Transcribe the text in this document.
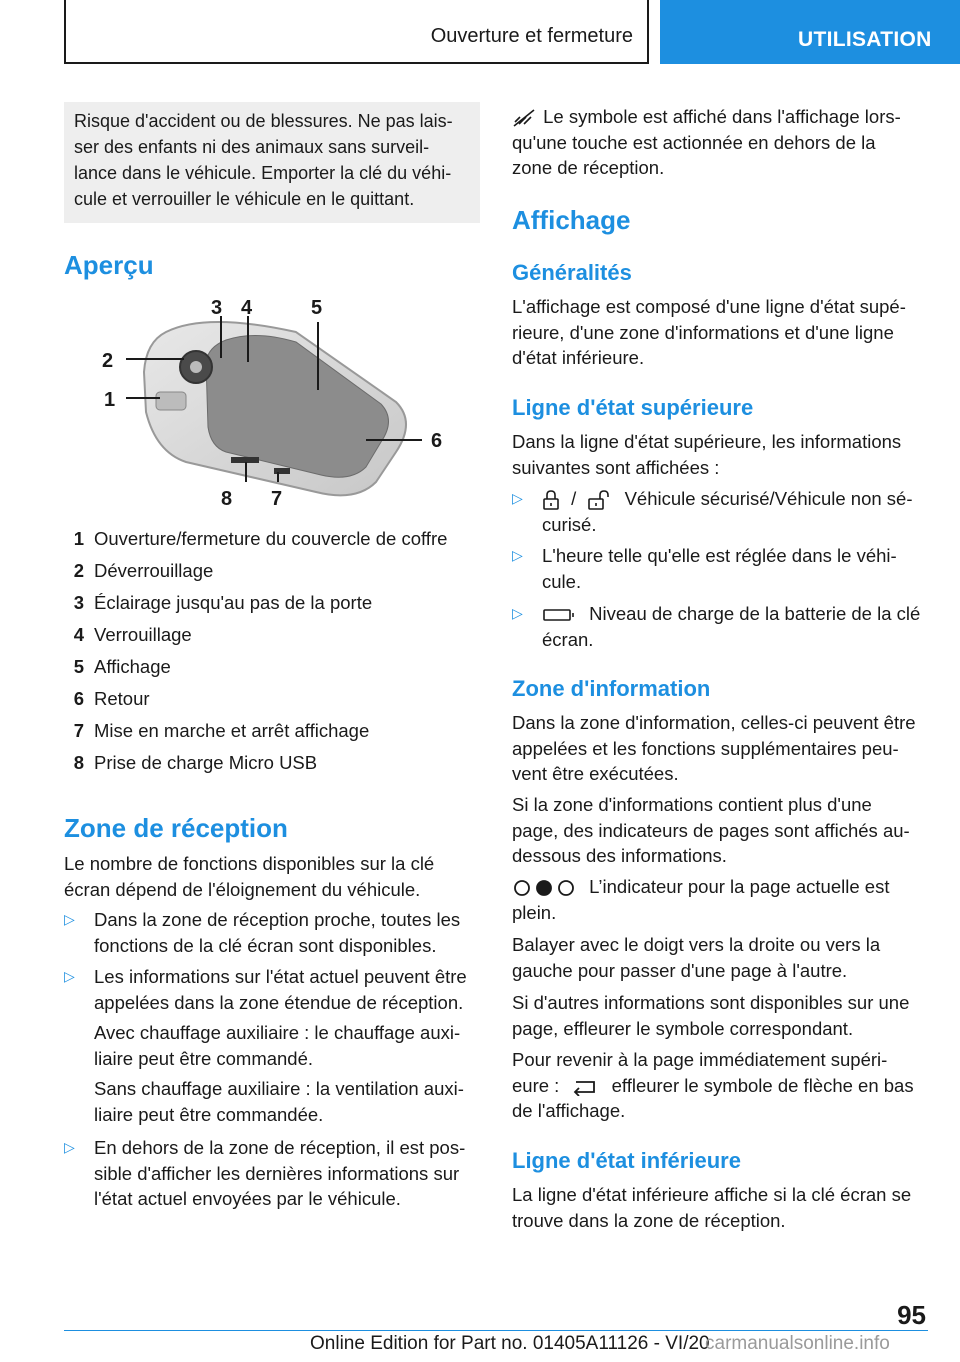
Ouverture et fermeture	UTILISATION
Risque d'accident ou de blessures. Ne pas lais-
ser des enfants ni des animaux sans surveil-
lance dans le véhicule. Emporter la clé du véhi-
cule et verrouiller le véhicule en le quittant.
Aperçu
1
2
3 4	5
6
7
8
1 Ouverture/fermeture du couvercle de coffre
2 Déverrouillage
3 Éclairage jusqu'au pas de la porte
4 Verrouillage
5 Affichage
6 Retour
7 Mise en marche et arrêt affichage
8 Prise de charge Micro USB
Zone de réception
Le nombre de fonctions disponibles sur la clé
écran dépend de l'éloignement du véhicule.
▷ Dans la zone de réception proche, toutes les
fonctions de la clé écran sont disponibles.
▷ Les informations sur l'état actuel peuvent être
appelées dans la zone étendue de réception.
Avec chauffage auxiliaire : le chauffage auxi-
liaire peut être commandé.
Sans chauffage auxiliaire : la ventilation auxi-
liaire peut être commandée.
▷ En dehors de la zone de réception, il est pos-
sible d'afficher les dernières informations sur
l'état actuel envoyées par le véhicule.
Le symbole est affiché dans l'affichage lors-
qu'une touche est actionnée en dehors de la
zone de réception.
Affichage
Généralités
L'affichage est composé d'une ligne d'état supé-
rieure, d'une zone d'informations et d'une ligne
d'état inférieure.
Ligne d'état supérieure
Dans la ligne d'état supérieure, les informations
suivantes sont affichées :
▷	/	Véhicule sécurisé/Véhicule non sé-
curisé.
▷ L'heure telle qu'elle est réglée dans le véhi-
cule.
▷	Niveau de charge de la batterie de la clé
écran.
Zone d'information
Dans la zone d'information, celles-ci peuvent être
appelées et les fonctions supplémentaires peu-
vent être exécutées.
Si la zone d'informations contient plus d'une
page, des indicateurs de pages sont affichés au-
dessous des informations.
L’indicateur pour la page actuelle est
plein.
Balayer avec le doigt vers la droite ou vers la
gauche pour passer d'une page à l'autre.
Si d'autres informations sont disponibles sur une
page, effleurer le symbole correspondant.
Pour revenir à la page immédiatement supéri-
eure :	effleurer le symbole de flèche en bas
de l'affichage.
Ligne d'état inférieure
La ligne d'état inférieure affiche si la clé écran se
trouve dans la zone de réception.
95
Online Edition for Part no. 01405A11126 - VI/20
carmanualsonline.info
